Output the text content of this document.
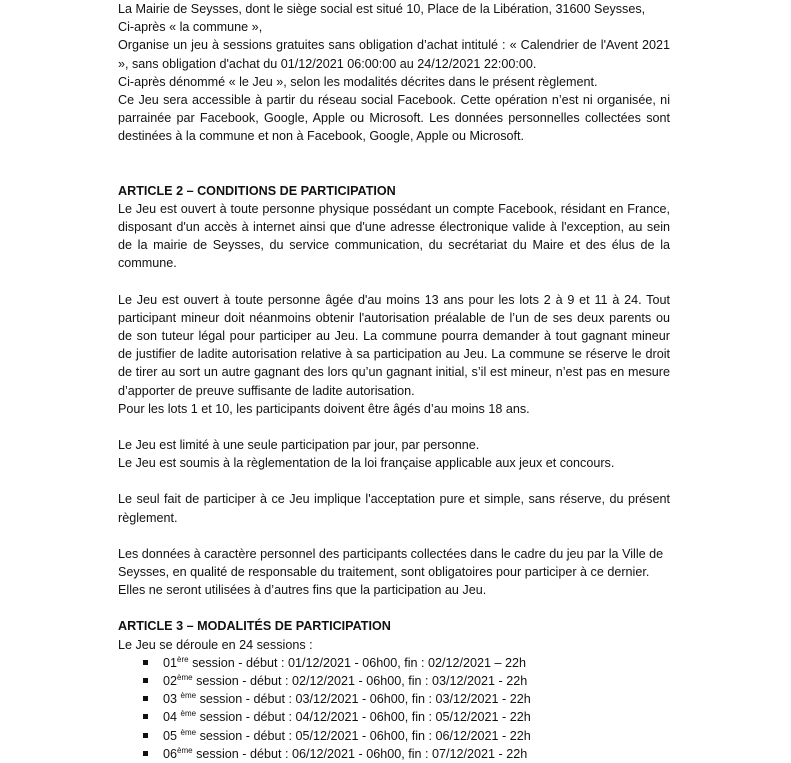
La Mairie de Seysses, dont le siège social est situé 10, Place de la Libération, 31600 Seysses,

Ci-après « la commune »,

Organise un jeu à sessions gratuites sans obligation d’achat intitulé : « Calendrier de l'Avent 2021 », sans obligation d'achat du 01/12/2021 06:00:00 au 24/12/2021 22:00:00.

Ci-après dénommé « le Jeu », selon les modalités décrites dans le présent règlement.

Ce Jeu sera accessible à partir du réseau social Facebook. Cette opération n’est ni organisée, ni parrainée par Facebook, Google, Apple ou Microsoft. Les données personnelles collectées sont destinées à la commune et non à Facebook, Google, Apple ou Microsoft.

ARTICLE 2 – CONDITIONS DE PARTICIPATION

Le Jeu est ouvert à toute personne physique possédant un compte Facebook, résidant en France, disposant d'un accès à internet ainsi que d'une adresse électronique valide à l'exception, au sein de la mairie de Seysses, du service communication, du secrétariat du Maire et des élus de la commune.

Le Jeu est ouvert à toute personne âgée d'au moins 13 ans pour les lots 2 à 9 et 11 à 24. Tout participant mineur doit néanmoins obtenir l'autorisation préalable de l’un de ses deux parents ou de son tuteur légal pour participer au Jeu. La commune pourra demander à tout gagnant mineur de justifier de ladite autorisation relative à sa participation au Jeu. La commune se réserve le droit de tirer au sort un autre gagnant des lors qu’un gagnant initial, s’il est mineur, n’est pas en mesure d’apporter de preuve suffisante de ladite autorisation.

Pour les lots 1 et 10, les participants doivent être âgés d’au moins 18 ans.

Le Jeu est limité à une seule participation par jour, par personne.

Le Jeu est soumis à la règlementation de la loi française applicable aux jeux et concours.

Le seul fait de participer à ce Jeu implique l'acceptation pure et simple, sans réserve, du présent règlement.

Les données à caractère personnel des participants collectées dans le cadre du jeu par la Ville de Seysses, en qualité de responsable du traitement, sont obligatoires pour participer à ce dernier. Elles ne seront utilisées à d’autres fins que la participation au Jeu.

ARTICLE 3 – MODALITÉS DE PARTICIPATION

Le Jeu se déroule en 24 sessions :

01ère session - début : 01/12/2021 - 06h00, fin : 02/12/2021 – 22h
02ème session - début : 02/12/2021 - 06h00, fin : 03/12/2021 - 22h
03 $^{ème}$ session - début : 03/12/2021 - 06h00, fin : 03/12/2021 - 22h
04 $^{ème}$ session - début : 04/12/2021 - 06h00, fin : 05/12/2021 - 22h
05 $^{ème}$ session - début : 05/12/2021 - 06h00, fin : 06/12/2021 - 22h
06ème session - début : 06/12/2021 - 06h00, fin : 07/12/2021 - 22h
